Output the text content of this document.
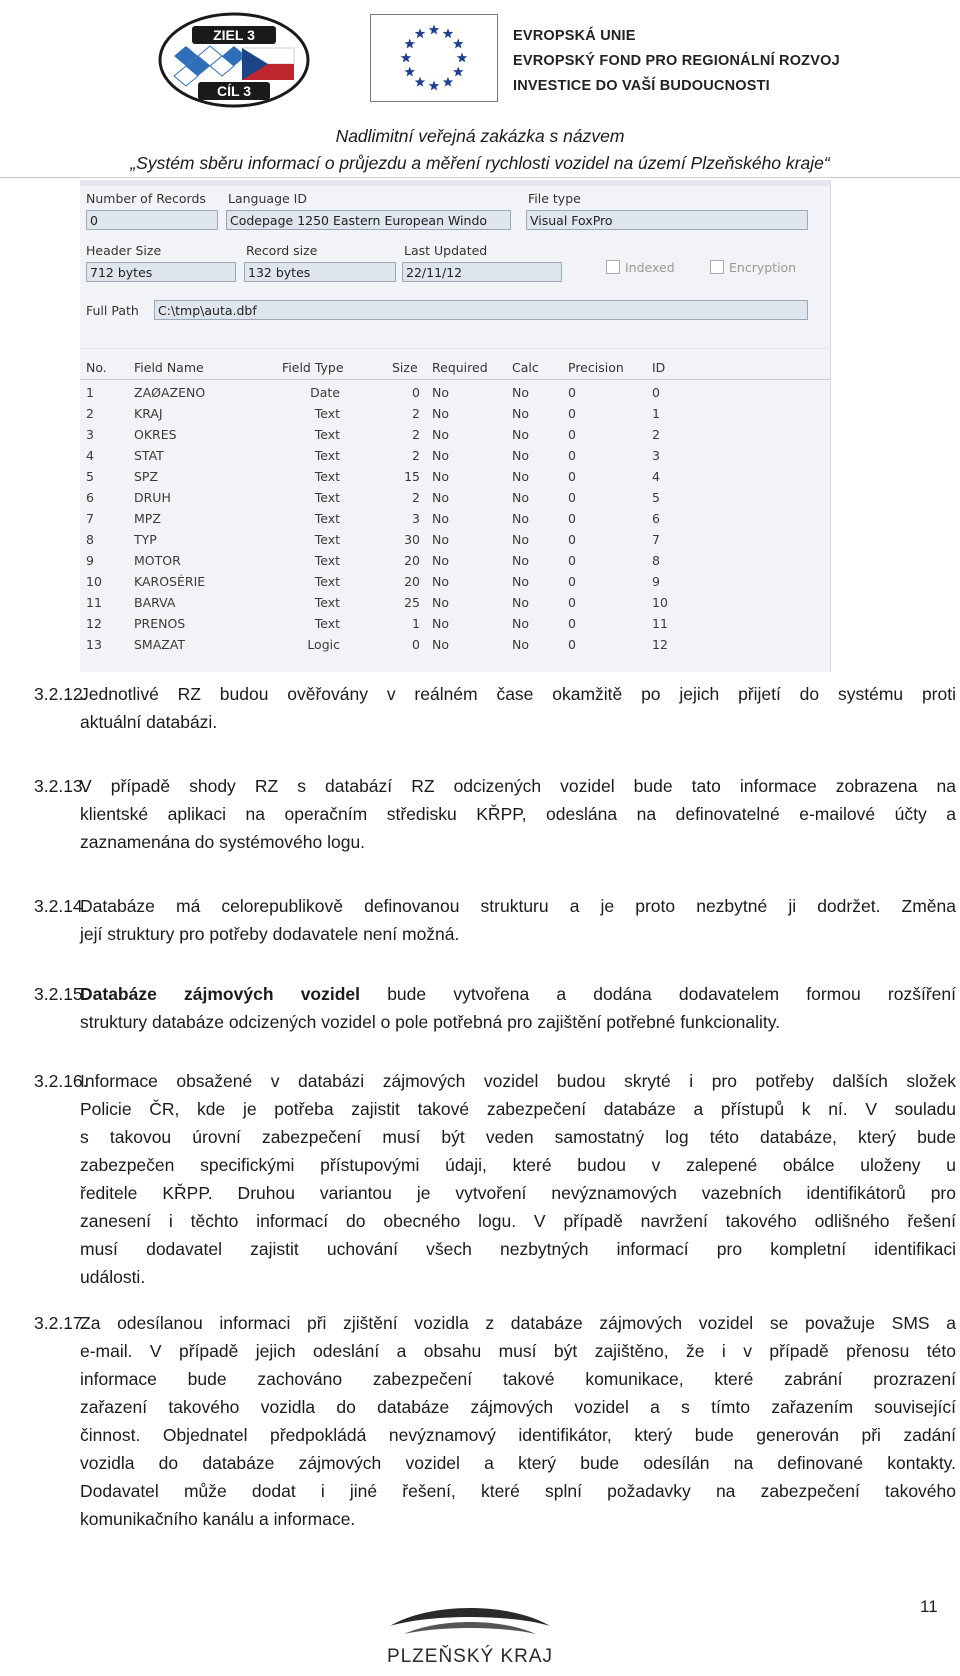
ZIEL 3
CÍL 3
EVROPSKÁ UNIE
EVROPSKÝ FOND PRO REGIONÁLNÍ ROZVOJ
INVESTICE DO VAŠÍ BUDOUCNOSTI
Nadlimitní veřejná zakázka s názvem
„Systém sběru informací o průjezdu a měření rychlosti vozidel na území Plzeňského kraje“
Number of Records
0
Language ID
Codepage 1250 Eastern European Windo
File type
Visual FoxPro
Header Size
712 bytes
Record size
132 bytes
Last Updated
22/11/12	Indexed	Encryption
Full Path	C:\tmp\auta.dbf
No. Field Name	Field Type	Size Required Calc Precision ID
1	ZAØAZENO	Date	0 No	No	0	0
2	KRAJ	Text	2 No	No	0	1
3	OKRES	Text	2 No	No	0	2
4	STAT	Text	2 No	No	0	3
5	SPZ	Text	15 No	No	0	4
6	DRUH	Text	2 No	No	0	5
7	MPZ	Text	3 No	No	0	6
8	TYP	Text	30 No	No	0	7
9	MOTOR	Text	20 No	No	0	8
10	KAROSÉRIE	Text	20 No	No	0	9
11	BARVA	Text	25 No	No	0	10
12	PRENOS	Text	1 No	No	0	11
13	SMAZAT	Logic	0 No	No	0	12
3.2.12.
Jednotlivé RZ budou ověřovány v reálném čase okamžitě po jejich přijetí do systému proti
aktuální databázi.
3.2.13.
V případě shody RZ s databází RZ odcizených vozidel bude tato informace zobrazena na
klientské aplikaci na operačním středisku KŘPP, odeslána na definovatelné e-mailové účty a
zaznamenána do systémového logu.
3.2.14.
Databáze má celorepublikově definovanou strukturu a je proto nezbytné ji dodržet. Změna
její struktury pro potřeby dodavatele není možná.
3.2.15.
Databáze zájmových vozidel bude vytvořena a dodána dodavatelem formou rozšíření
struktury databáze odcizených vozidel o pole potřebná pro zajištění potřebné funkcionality.
3.2.16.
Informace obsažené v databázi zájmových vozidel budou skryté i pro potřeby dalších složek
Policie ČR, kde je potřeba zajistit takové zabezpečení databáze a přístupů k ní. V souladu
s takovou úrovní zabezpečení musí být veden samostatný log této databáze, který bude
zabezpečen specifickými přístupovými údaji, které budou v zalepené obálce uloženy u
ředitele KŘPP. Druhou variantou je vytvoření nevýznamových vazebních identifikátorů pro
zanesení i těchto informací do obecného logu. V případě navržení takového odlišného řešení
musí dodavatel zajistit uchování všech nezbytných informací pro kompletní identifikaci
události.
3.2.17.
Za odesílanou informaci při zjištění vozidla z databáze zájmových vozidel se považuje SMS a
e-mail. V případě jejich odeslání a obsahu musí být zajištěno, že i v případě přenosu této
informace bude zachováno zabezpečení takové komunikace, které zabrání prozrazení
zařazení takového vozidla do databáze zájmových vozidel a s tímto zařazením související
činnost. Objednatel předpokládá nevýznamový identifikátor, který bude generován při zadání
vozidla do databáze zájmových vozidel a který bude odesílán na definované kontakty.
Dodavatel může dodat i jiné řešení, které splní požadavky na zabezpečení takového
komunikačního kanálu a informace.
11
PLZEŇSKÝ KRAJ
